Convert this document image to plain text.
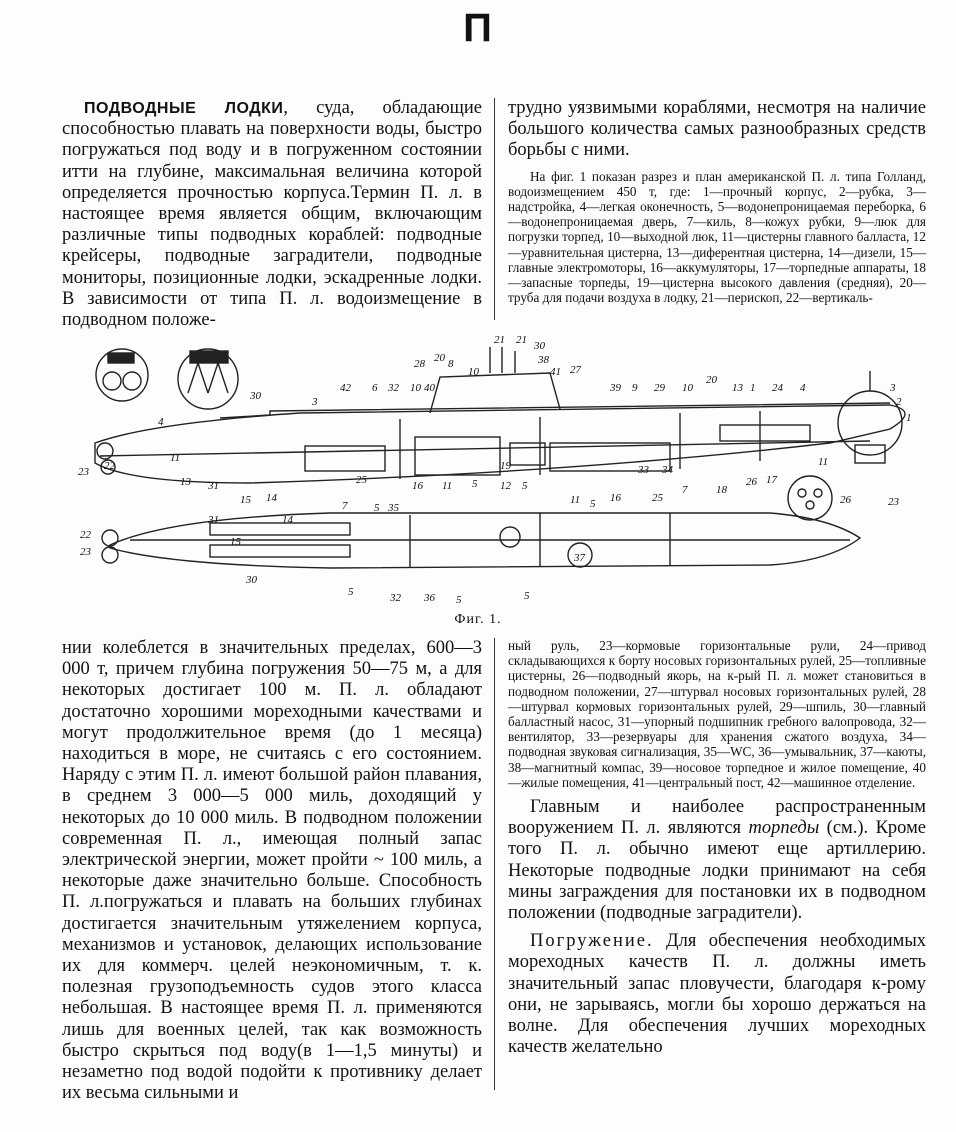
П

ПОДВОДНЫЕ ЛОДКИ, суда, обладающие способностью плавать на поверхности воды, быстро погружаться под воду и в погруженном состоянии итти на глубине, максимальная величина которой определяется прочностью корпуса.Термин П. л. в настоящее время является общим, включающим различные типы подводных кораблей: подводные крейсеры, подводные заградители, подводные мониторы, позиционные лодки, эскадренные лодки. В зависимости от типа П. л. водоизмещение в подводном положе-

трудно уязвимыми кораблями, несмотря на наличие большого количества самых разнообразных средств борьбы с ними.

На фиг. 1 показан разрез и план американской П. л. типа Голланд, водоизмещением 450 т, где: 1—прочный корпус, 2—рубка, 3—надстройка, 4—легкая оконечность, 5—водонепроницаемая переборка, 6—водонепроницаемая дверь, 7—киль, 8—кожух рубки, 9—люк для погрузки торпед, 10—выходной люк, 11—цистерны главного балласта, 12—уравнительная цистерна, 13—диферентная цистерна, 14—дизели, 15—главные электромоторы, 16—аккумуляторы, 17—торпедные аппараты, 18—запасные торпеды, 19—цистерна высокого давления (средняя), 20—труба для подачи воздуха в лодку, 21—перископ, 22—вертикаль-

3
42 6 32 10 40
28 20 8
10
21 21 30
38
41 27
39 9 29 10
20
13 1 24 4
30
4
23 22
11
13 31	25	16 11 5 12 5
19	33 34
7
25
18
26 17
11
26	23
1
2
3
15 14
7 5 35
11 5 16
31
22
23
30
5	32 36 5
37
5
14
15
Фиг. 1.

нии колеблется в значительных пределах, 600—3 000 т, причем глубина погружения 50—75 м, а для некоторых достигает 100 м. П. л. обладают достаточно хорошими мореходными качествами и могут продолжительное время (до 1 месяца) находиться в море, не считаясь с его состоянием. Наряду с этим П. л. имеют большой район плавания, в среднем 3 000—5 000 миль, доходящий у некоторых до 10 000 миль. В подводном положении современная П. л., имеющая полный запас электрической энергии, может пройти ~ 100 миль, а некоторые даже значительно больше. Способность П. л.погружаться и плавать на больших глубинах достигается значительным утяжелением корпуса, механизмов и установок, делающих использование их для коммерч. целей неэкономичным, т. к. полезная грузоподъемность судов этого класса небольшая. В настоящее время П. л. применяются лишь для военных целей, так как возможность быстро скрыться под воду(в 1—1,5 минуты) и незаметно под водой подойти к противнику делает их весьма сильными и

ный руль, 23—кормовые горизонтальные рули, 24—привод складывающихся к борту носовых горизонтальных рулей, 25—топливные цистерны, 26—подводный якорь, на к-рый П. л. может становиться в подводном положении, 27—штурвал носовых горизонтальных рулей, 28—штурвал кормовых горизонтальных рулей, 29—шпиль, 30—главный балластный насос, 31—упорный подшипник гребного валопровода, 32—вентилятор, 33—резервуары для хранения сжатого воздуха, 34—подводная звуковая сигнализация, 35—WC, 36—умывальник, 37—каюты, 38—магнитный компас, 39—носовое торпедное и жилое помещение, 40—жилые помещения, 41—центральный пост, 42—машинное отделение.

Главным и наиболее распространенным вооружением П. л. являются торпеды (см.). Кроме того П. л. обычно имеют еще артиллерию. Некоторые подводные лодки принимают на себя мины заграждения для постановки их в подводном положении (подводные заградители).

Погружение. Для обеспечения необходимых мореходных качеств П. л. должны иметь значительный запас пловучести, благодаря к-рому они, не зарываясь, могли бы хорошо держаться на волне. Для обеспечения лучших мореходных качеств желательно
